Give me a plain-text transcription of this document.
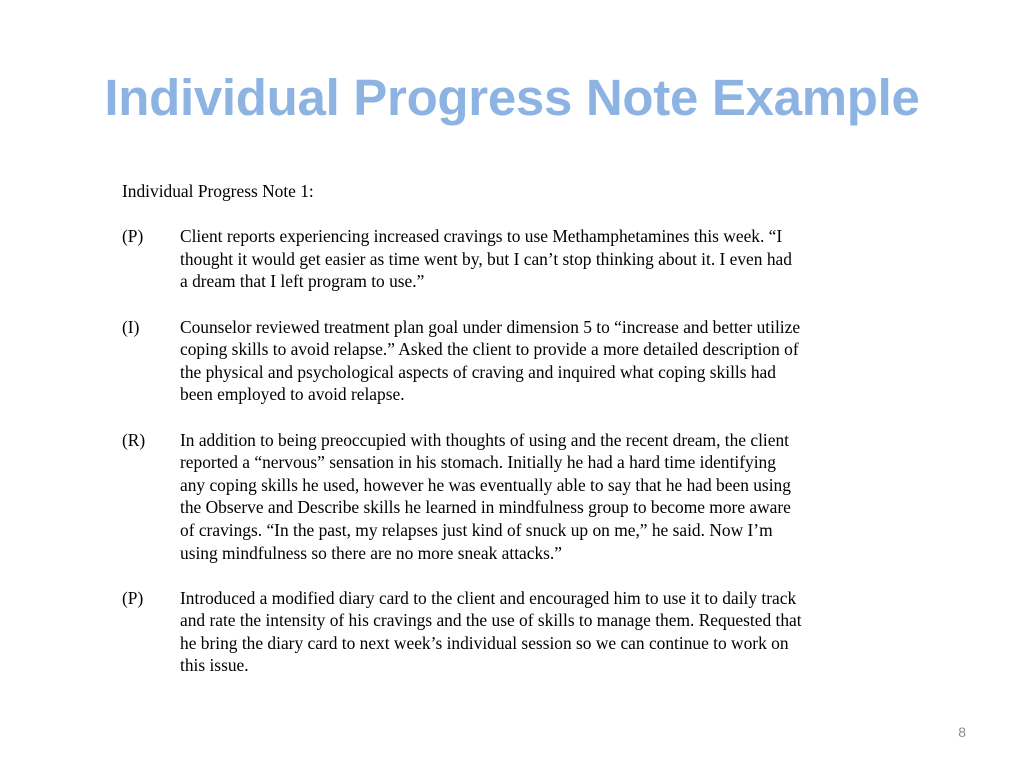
Individual Progress Note Example
Individual Progress Note 1:
(P) Client reports experiencing increased cravings to use Methamphetamines this week. “I
thought it would get easier as time went by, but I can’t stop thinking about it. I even had
a dream that I left program to use.”
(I) Counselor reviewed treatment plan goal under dimension 5 to “increase and better utilize
coping skills to avoid relapse.” Asked the client to provide a more detailed description of
the physical and psychological aspects of craving and inquired what coping skills had
been employed to avoid relapse.
(R) In addition to being preoccupied with thoughts of using and the recent dream, the client
reported a “nervous” sensation in his stomach. Initially he had a hard time identifying
any coping skills he used, however he was eventually able to say that he had been using
the Observe and Describe skills he learned in mindfulness group to become more aware
of cravings. “In the past, my relapses just kind of snuck up on me,” he said. Now I’m
using mindfulness so there are no more sneak attacks.”
(P) Introduced a modified diary card to the client and encouraged him to use it to daily track
and rate the intensity of his cravings and the use of skills to manage them. Requested that
he bring the diary card to next week’s individual session so we can continue to work on
this issue.
8
